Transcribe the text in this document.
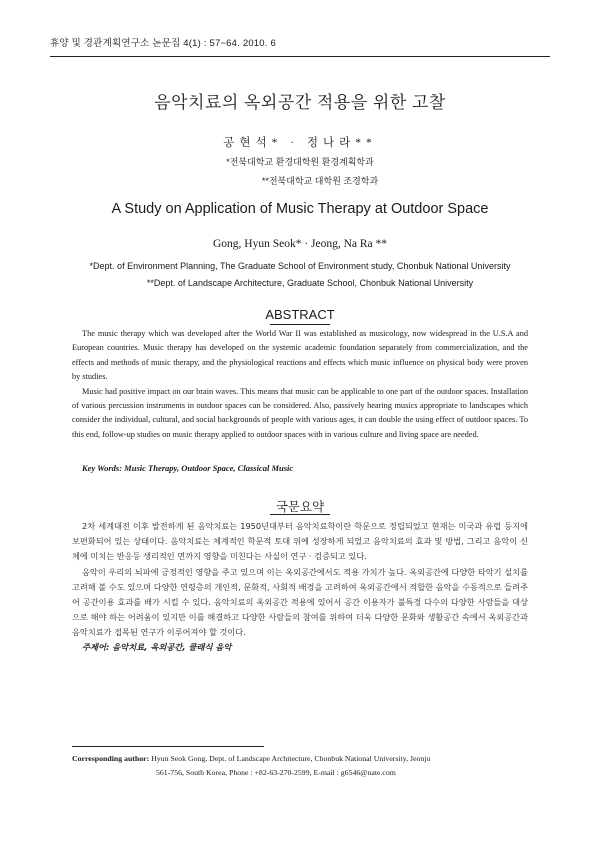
휴양 및 경관계획연구소 논문집 4(1) : 57~64. 2010. 6
음악치료의 옥외공간 적용을 위한 고찰
공현석* · 정나라**
*전북대학교 환경대학원 환경계획학과
**전북대학교 대학원 조경학과
A Study on Application of Music Therapy at Outdoor Space
Gong, Hyun Seok* · Jeong, Na Ra **
*Dept. of Environment Planning, The Graduate School of Environment study, Chonbuk National University
**Dept. of Landscape Architecture, Graduate School, Chonbuk National University
ABSTRACT

The music therapy which was developed after the World War II was established as musicology, now widespread in the U.S.A and European countries. Music therapy has developed on the systemic academic foundation separately from commercialization, and the effects and methods of music therapy, and the physiological reactions and effects which music influence on physical body were proven by studies.

Music had positive impact on our brain waves. This means that music can be applicable to one part of the outdoor spaces. Installation of various percussion instruments in outdoor spaces can be considered. Also, passively hearing musics appropriate to landscapes which consider the individual, cultural, and social backgrounds of people with various ages, it can double the using effect of outdoor spaces. To this end, follow-up studies on music therapy applied to outdoor spaces with in various culture and living space are needed.

Key Words: Music Therapy, Outdoor Space, Classical Music
국문요약

2차 세계대전 이후 발전하게 된 음악치료는 1950년대부터 음악치료학이란 학문으로 정립되었고 현재는 미국과 유럽 등지에 보편화되어 있는 상태이다. 음악치료는 체계적인 학문적 토대 위에 성장하게 되었고 음악치료의 효과 및 방법, 그리고 음악이 신체에 미치는 반응등 생리적인 면까지 영향을 미친다는 사실이 연구 · 검증되고 있다.

음악이 우리의 뇌파에 긍정적인 영향을 주고 있으며 이는 옥외공간에서도 적용 가치가 높다. 옥외공간에 다양한 타악기 설치를 고려해 볼 수도 있으며 다양한 연령층의 개인적, 문화적, 사회적 배경을 고려하여 옥외공간에서 적합한 음악을 수동적으로 들려주어 공간이용 효과를 배가 시킬 수 있다. 음악치료의 옥외공간 적용에 있어서 공간 이용자가 불특정 다수의 다양한 사람들을 대상으로 해야 하는 어려움이 있지만 이를 해결하고 다양한 사람들의 참여를 위하여 더욱 다양한 문화와 생활공간 속에서 옥외공간과 음악치료가 접목된 연구가 이루어져야 할 것이다.

주제어: 음악치료, 옥외공간, 클래식 음악
Corresponding author: Hyun Seok Gong, Dept. of Landscape Architecture, Chonbuk National University, Jeonju
561-756, South Korea, Phone : +82-63-270-2599, E-mail : g6546@nate.com
